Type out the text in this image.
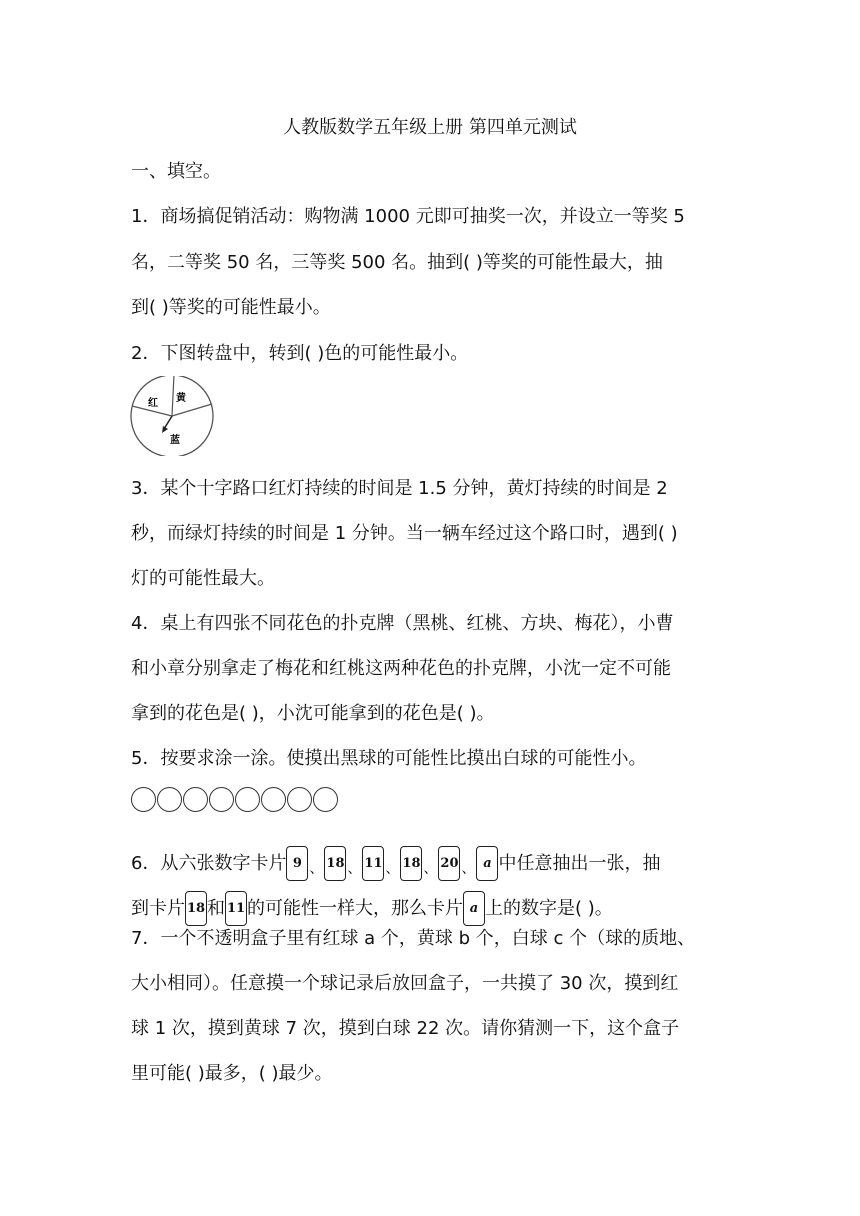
人教版数学五年级上册 第四单元测试
一、填空。
1．商场搞促销活动：购物满 1000 元即可抽奖一次，并设立一等奖 5
名，二等奖 50 名，三等奖 500 名。抽到( )等奖的可能性最大，抽
到( )等奖的可能性最小。
2．下图转盘中，转到( )色的可能性最小。
红 黄
蓝
3．某个十字路口红灯持续的时间是 1.5 分钟，黄灯持续的时间是 2
秒，而绿灯持续的时间是 1 分钟。当一辆车经过这个路口时，遇到( )
灯的可能性最大。
4．桌上有四张不同花色的扑克牌（黑桃、红桃、方块、梅花），小曹
和小章分别拿走了梅花和红桃这两种花色的扑克牌，小沈一定不可能
拿到的花色是( )，小沈可能拿到的花色是( )。
5．按要求涂一涂。使摸出黑球的可能性比摸出白球的可能性小。
6．从六张数字卡片 9 $_、$ 18 $_、$ 11 $_、$ 18 $_、$ 20 $_、$ a 中任意抽出一张，抽
到卡片 18 和 11 的可能性一样大，那么卡片 a 上的数字是( )。
7．一个不透明盒子里有红球 a 个，黄球 b 个，白球 c 个（球的质地、
大小相同）。任意摸一个球记录后放回盒子，一共摸了 30 次，摸到红
球 1 次，摸到黄球 7 次，摸到白球 22 次。请你猜测一下，这个盒子
里可能( )最多，( )最少。
